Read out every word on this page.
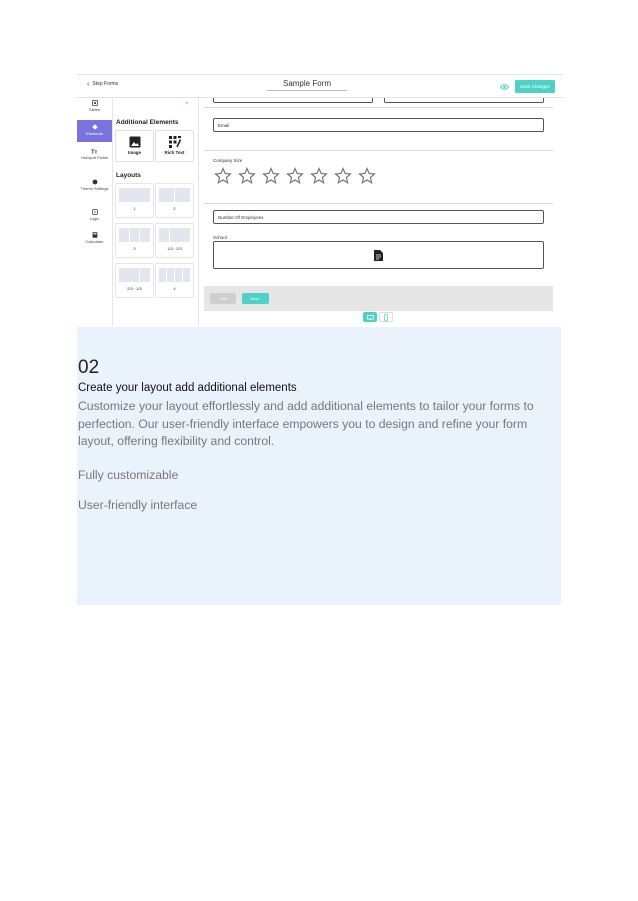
‹ Step Forms	Sample Form	Save Changes
Slides
Elements
Tт
Hubspot Fields
Theme Settings
Logic
Calculator
×
Additional Elements
Image	Rich Text
Layouts
1	2
3	1/3 : 2/3
2/3 : 1/3	4
Email
Company Size
Number Of Employees
School
‹ Prev	Next ›
02
Create your layout add additional elements
Customize your layout effortlessly and add additional elements to tailor your forms to perfection. Our user-friendly interface empowers you to design and refine your form layout, offering flexibility and control.
Fully customizable
User-friendly interface
